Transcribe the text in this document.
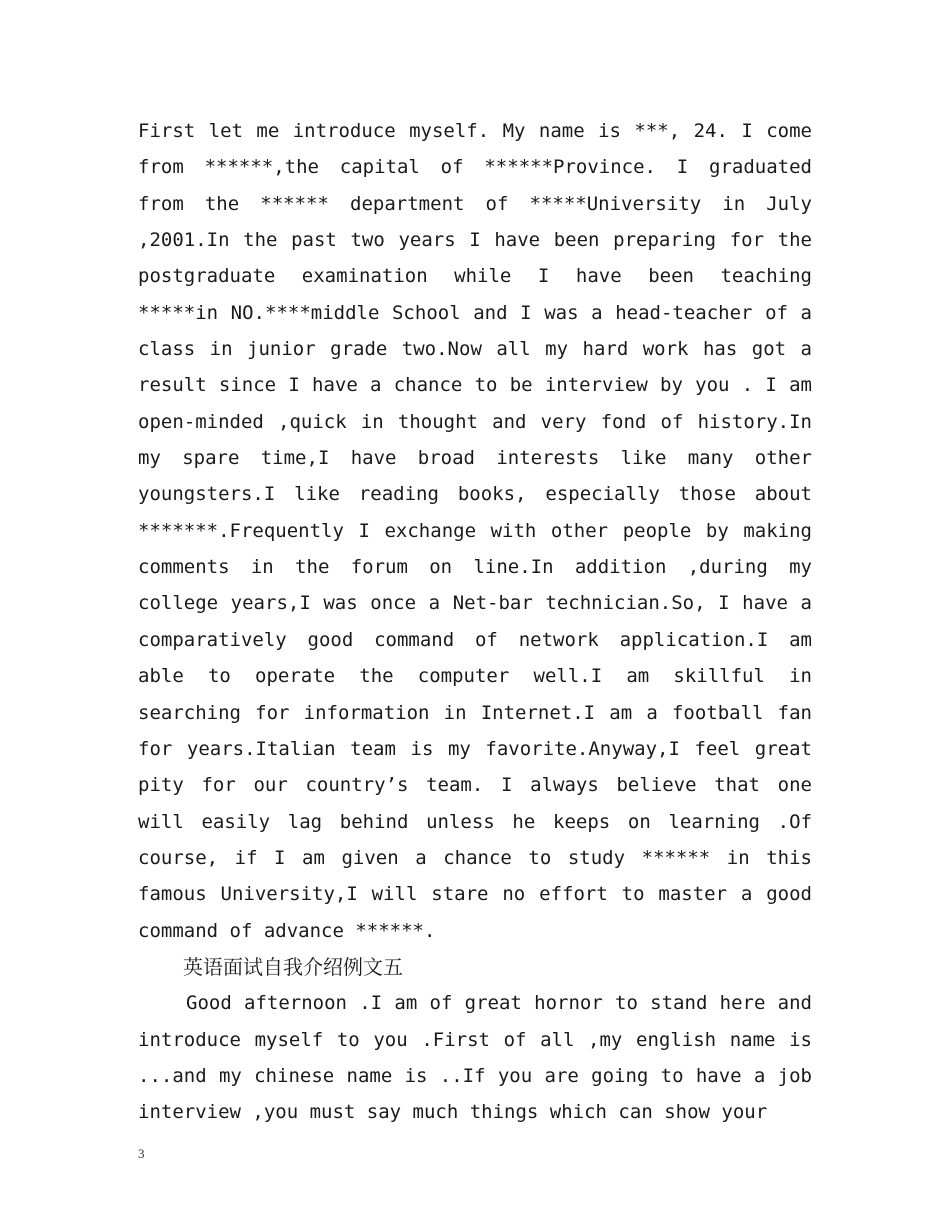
First let me introduce myself. My name is ***, 24. I come from ******,the capital of ******Province. I graduated from the ****** department of *****University in July ,2001.In the past two years I have been preparing for the postgraduate examination while I have been teaching *****in NO.****middle School and I was a head-teacher of a class in junior grade two.Now all my hard work has got a result since I have a chance to be interview by you . I am open-minded ,quick in thought and very fond of history.In my spare time,I have broad interests like many other youngsters.I like reading books, especially those about *******.Frequently I exchange with other people by making comments in the forum on line.In addition ,during my college years,I was once a Net-bar technician.So, I have a comparatively good command of network application.I am able to operate the computer well.I am skillful in searching for information in Internet.I am a football fan for years.Italian team is my favorite.Anyway,I feel great pity for our country’s team. I always believe that one will easily lag behind unless he keeps on learning .Of course, if I am given a chance to study ****** in this famous University,I will stare no effort to master a good command of advance ******.

英语面试自我介绍例文五

Good afternoon .I am of great hornor to stand here and introduce myself to you .First of all ,my english name is ...and my chinese name is ..If you are going to have a job interview ,you must say much things which can show your

3
